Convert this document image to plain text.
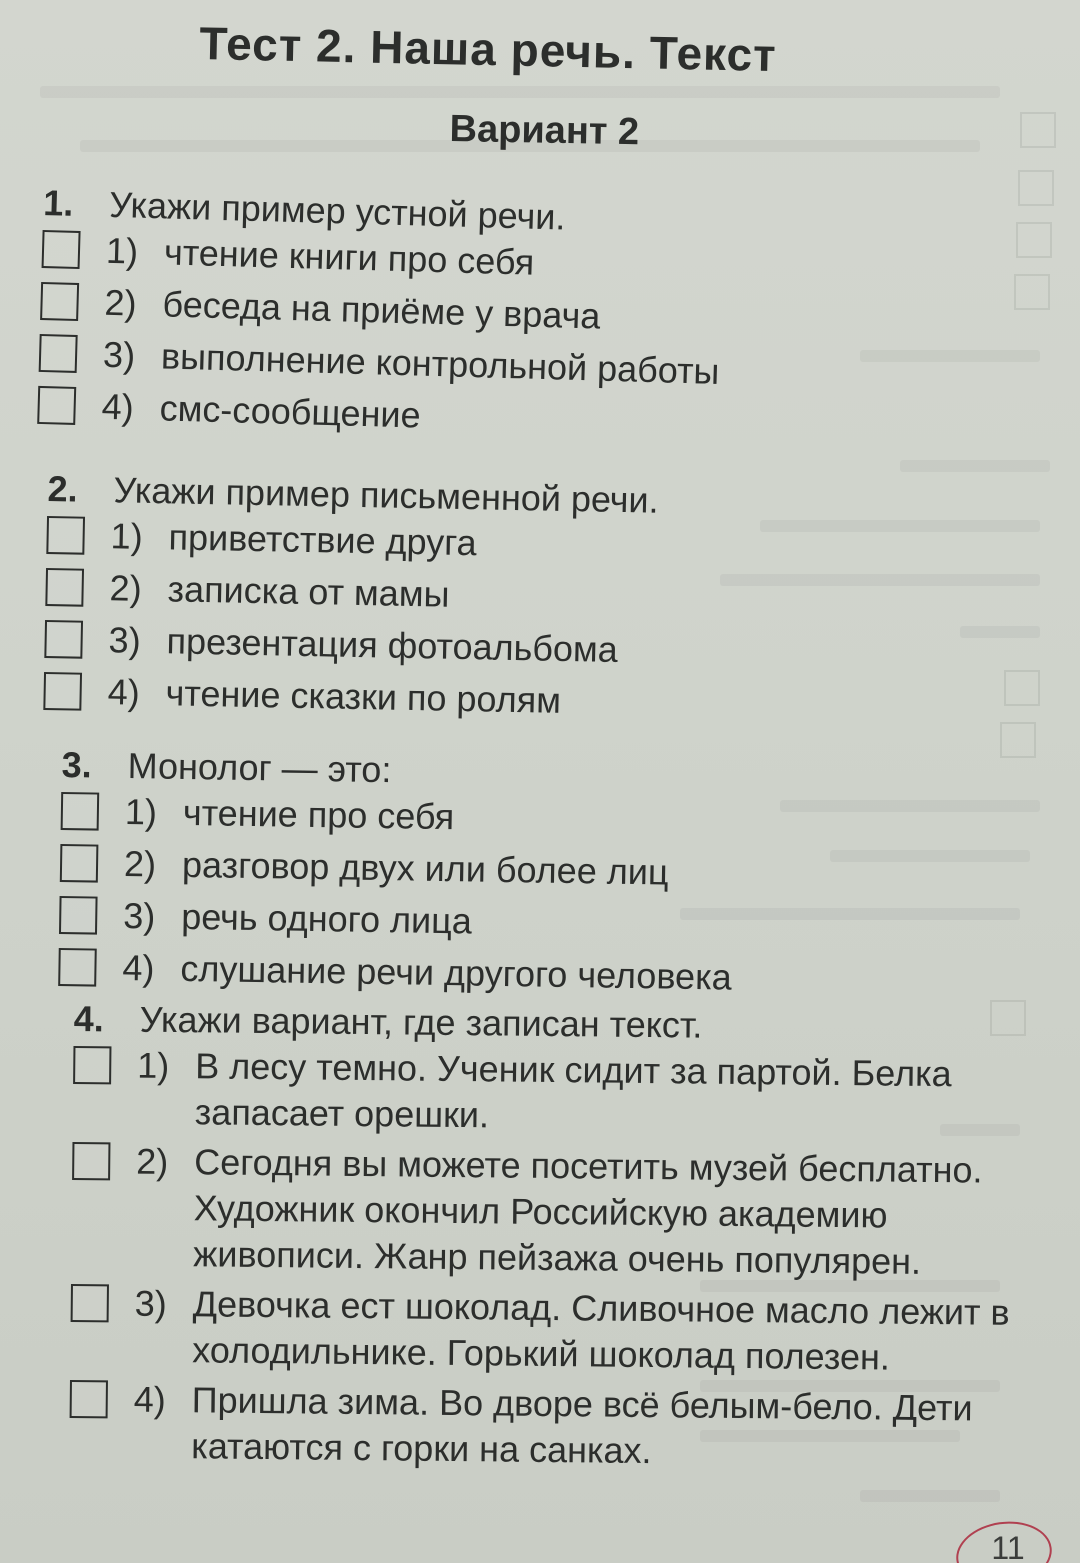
Тест 2. Наша речь. Текст
Вариант 2
1. Укажи пример устной речи.
1) чтение книги про себя
2) беседа на приёме у врача
3) выполнение контрольной работы
4) смс-сообщение
2. Укажи пример письменной речи.
1) приветствие друга
2) записка от мамы
3) презентация фотоальбома
4) чтение сказки по ролям
3. Монолог — это:
1) чтение про себя
2) разговор двух или более лиц
3) речь одного лица
4) слушание речи другого человека
4. Укажи вариант, где записан текст.
1) В лесу темно. Ученик сидит за партой. Белка запасает орешки.
2) Сегодня вы можете посетить музей бесплатно. Художник окончил Российскую академию живописи. Жанр пейзажа очень популярен.
3) Девочка ест шоколад. Сливочное масло лежит в холодильнике. Горький шоколад полезен.
4) Пришла зима. Во дворе всё белым-бело. Дети катаются с горки на санках.
11
